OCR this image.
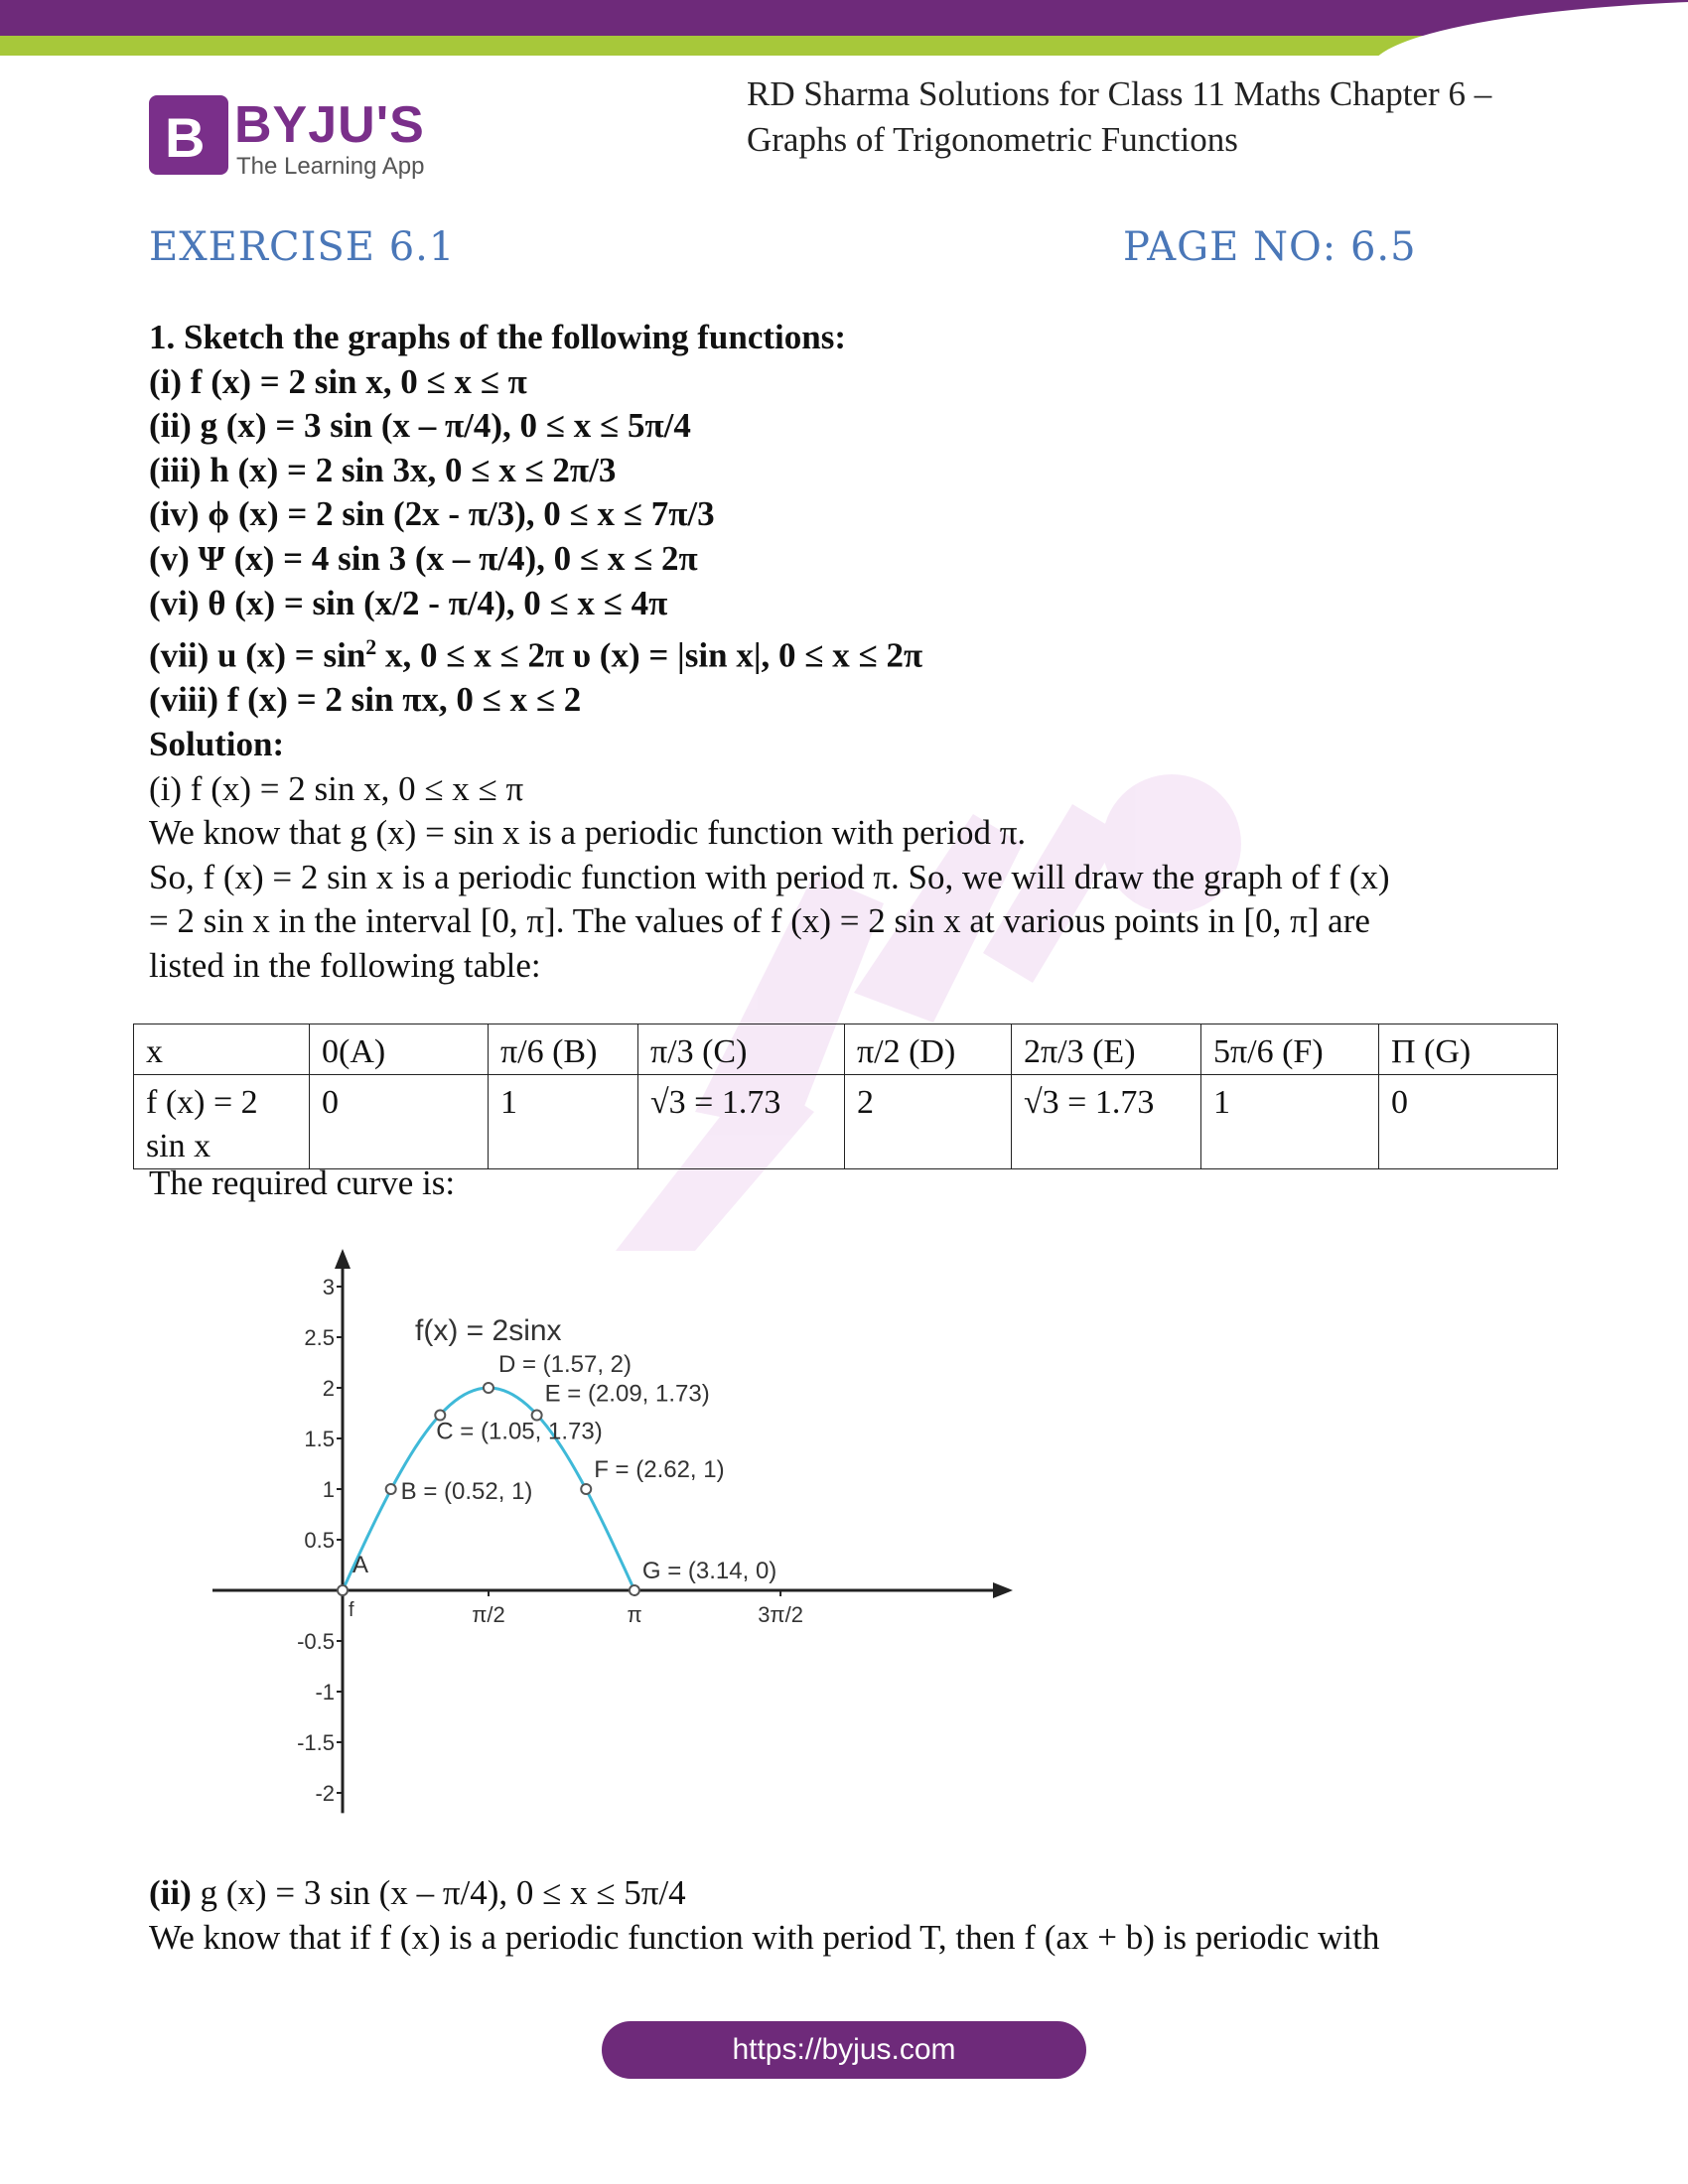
B BYJU'S
The Learning App
RD Sharma Solutions for Class 11 Maths Chapter 6 –
Graphs of Trigonometric Functions
EXERCISE 6.1	PAGE NO: 6.5
1. Sketch the graphs of the following functions:
(i) f (x) = 2 sin x, 0 ≤ x ≤ π
(ii) g (x) = 3 sin (x – π/4), 0 ≤ x ≤ 5π/4
(iii) h (x) = 2 sin 3x, 0 ≤ x ≤ 2π/3
(iv) ϕ (x) = 2 sin (2x - π/3), 0 ≤ x ≤ 7π/3
(v) Ψ (x) = 4 sin 3 (x – π/4), 0 ≤ x ≤ 2π
(vi) θ (x) = sin (x/2 - π/4), 0 ≤ x ≤ 4π
(vii) u $(x) = \sin^2 x$, 0 ≤ x ≤ 2π υ (x) = |sin x|, 0 ≤ x ≤ 2π
(viii) f (x) = 2 sin πx, 0 ≤ x ≤ 2
Solution:
(i) f (x) = 2 sin x, 0 ≤ x ≤ π
We know that g (x) = sin x is a periodic function with period π.
So, f (x) = 2 sin x is a periodic function with period π. So, we will draw the graph of f (x)
= 2 sin x in the interval [0, π]. The values of f (x) = 2 sin x at various points in [0, π] are
listed in the following table:
x	0(A)	π/6 (B)	π/3 (C)	π/2 (D)	2π/3 (E)	5π/6 (F)	Π (G)

f (x) = 2
sin x	0	1	√3 = 1.73	2	√3 = 1.73	1	0
The required curve is:
3
2.5
2
1.5
1
0.5
-0.5
-1
-1.5
-2
π/2	π	3π/2
A
B = (0.52, 1)
C = (1.05, 1.73)
D = (1.57, 2)
E = (2.09, 1.73)
F = (2.62, 1)
G = (3.14, 0)
f
f(x) = 2sinx
(ii) g (x) = 3 sin (x – π/4), 0 ≤ x ≤ 5π/4
We know that if f (x) is a periodic function with period T, then f (ax + b) is periodic with
https://byjus.com
